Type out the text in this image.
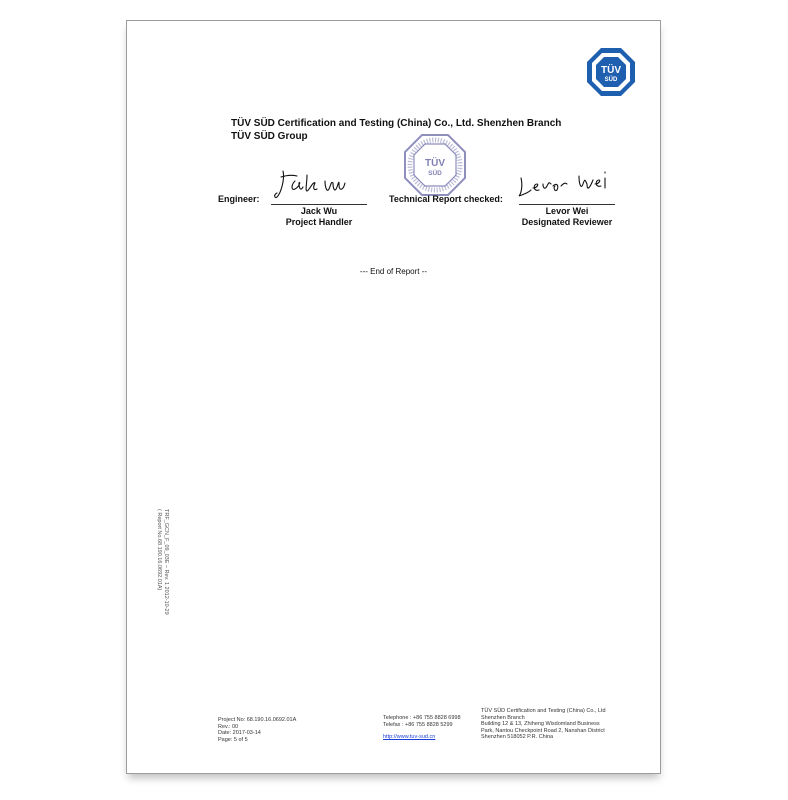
TÜV
SÜD
TÜV SÜD Certification and Testing (China) Co., Ltd. Shenzhen Branch
TÜV SÜD Group
TÜV
SÜD
Engineer:
Jack Wu
Project Handler
Technical Report checked:
Levor Wei
Designated Reviewer
--- End of Report --
TRF_GCN_F_09_03E – Rev. 1 2012-10-29
( Report No.68.190.16.0692.01A)
Project No: 68.190.16.0692.01A
Rev.: 00
Date: 2017-03-14
Page: 5 of 5
Telephone : +86 755 8828 6998
Telefax : +86 755 8828 5299
http://www.tuv-sud.cn
TÜV SÜD Certification and Testing (China) Co., Ltd
Shenzhen Branch
Building 12 & 13, Zhiheng Wisdomland Business
Park, Nantou Checkpoint Road 2, Nanshan District
Shenzhen 518052 P.R. China
